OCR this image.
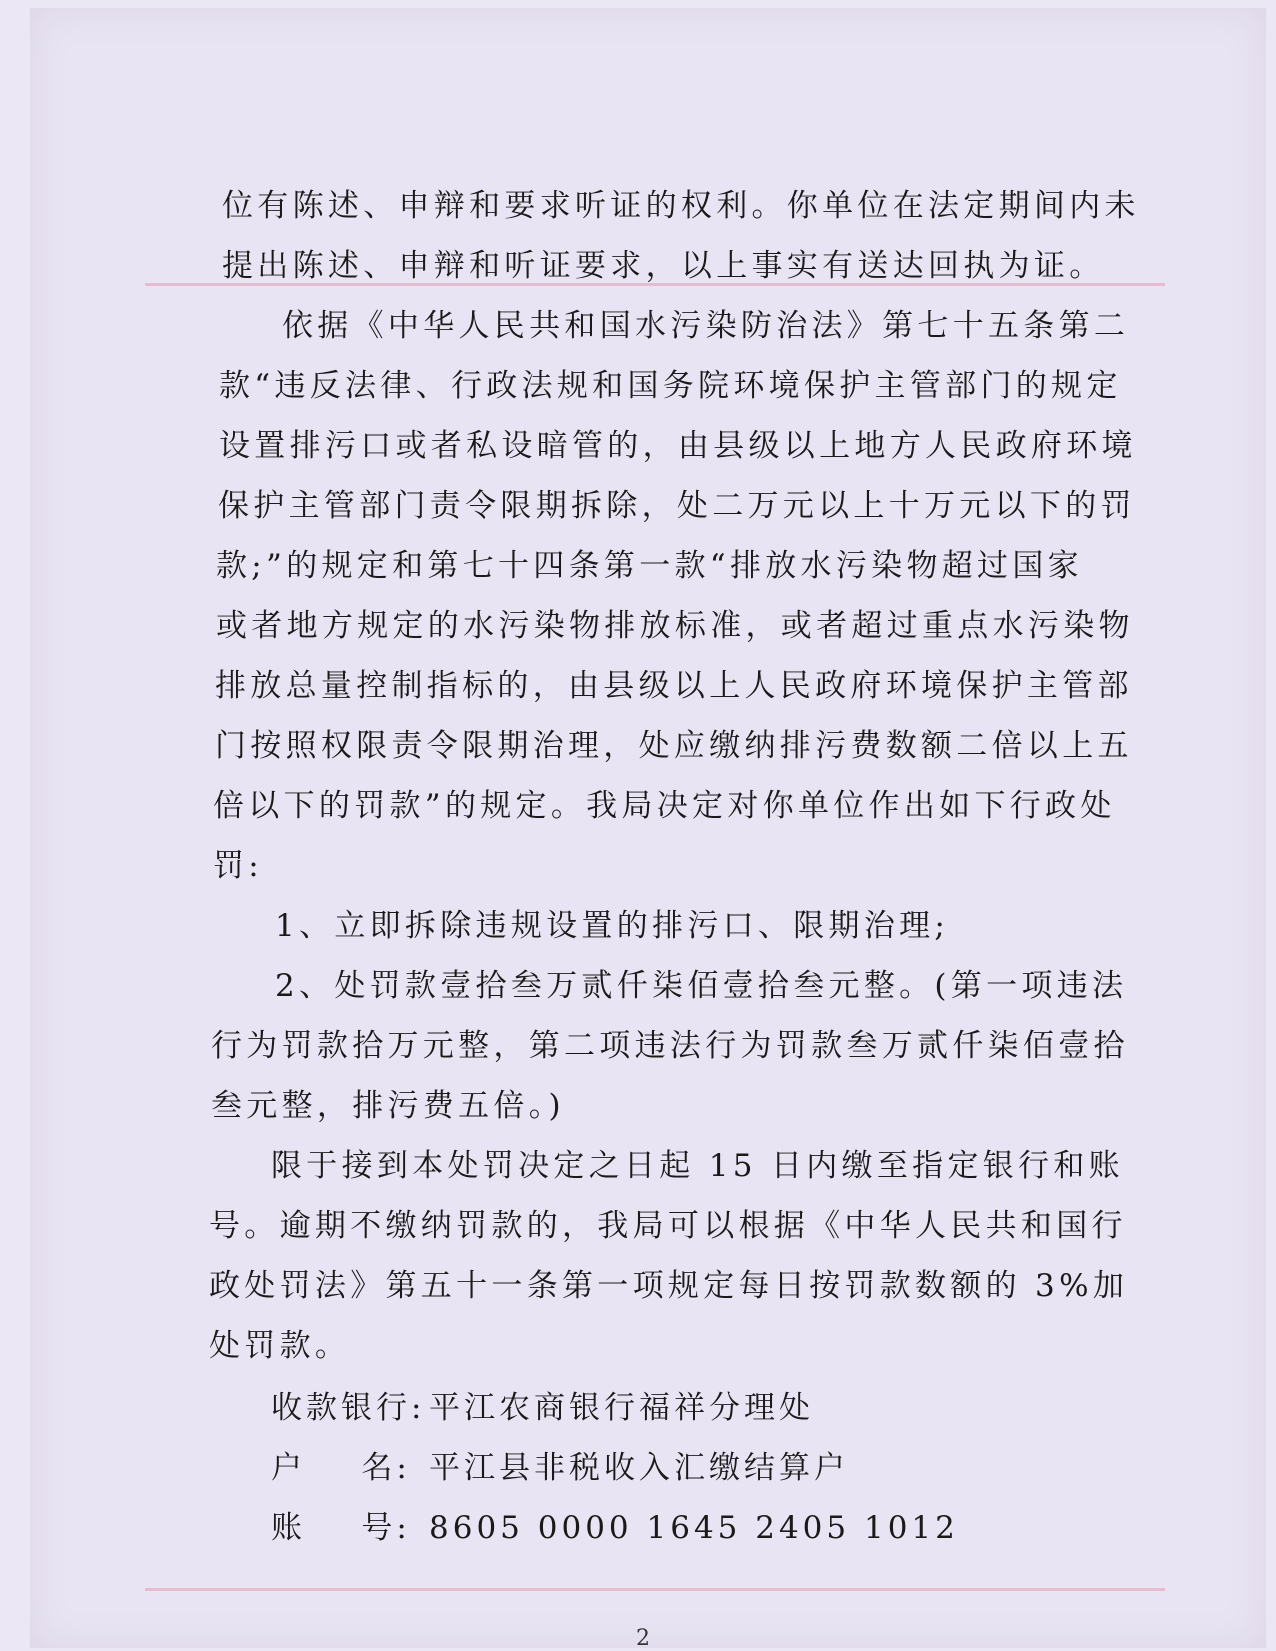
位有陈述、申辩和要求听证的权利。你单位在法定期间内未
提出陈述、申辩和听证要求，以上事实有送达回执为证。
依据《中华人民共和国水污染防治法》第七十五条第二
款“违反法律、行政法规和国务院环境保护主管部门的规定
设置排污口或者私设暗管的，由县级以上地方人民政府环境
保护主管部门责令限期拆除，处二万元以上十万元以下的罚
款;”的规定和第七十四条第一款“排放水污染物超过国家
或者地方规定的水污染物排放标准，或者超过重点水污染物
排放总量控制指标的，由县级以上人民政府环境保护主管部
门按照权限责令限期治理，处应缴纳排污费数额二倍以上五
倍以下的罚款”的规定。我局决定对你单位作出如下行政处
罚:
1、立即拆除违规设置的排污口、限期治理;
2、处罚款壹拾叁万贰仟柒佰壹拾叁元整。(第一项违法
行为罚款拾万元整，第二项违法行为罚款叁万贰仟柒佰壹拾
叁元整，排污费五倍。)
限于接到本处罚决定之日起 15 日内缴至指定银行和账
号。逾期不缴纳罚款的，我局可以根据《中华人民共和国行
政处罚法》第五十一条第一项规定每日按罚款数额的 3%加
处罚款。
收款银行: 平江农商银行福祥分理处
户    名: 平江县非税收入汇缴结算户
账    号: 8605 0000 1645 2405 1012
2
